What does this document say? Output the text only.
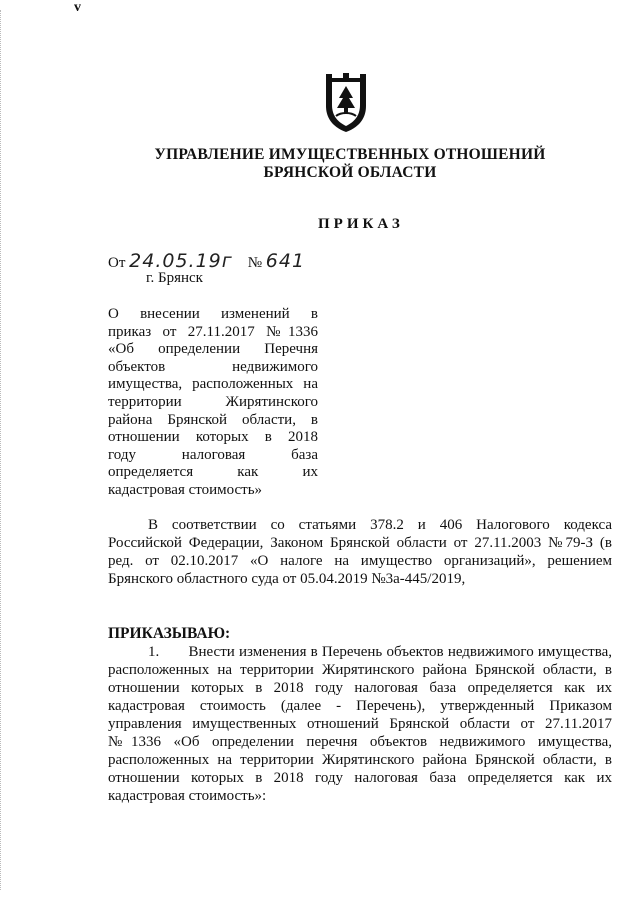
v
УПРАВЛЕНИЕ ИМУЩЕСТВЕННЫХ ОТНОШЕНИЙ
БРЯНСКОЙ ОБЛАСТИ
ПРИКАЗ
От 24.05.19г № 641
г. Брянск
О внесении изменений в
приказ от 27.11.2017 №1336
«Об определении Перечня
объектов недвижимого
имущества, расположенных на
территории Жирятинского
района Брянской области, в
отношении которых в 2018
году налоговая база
определяется как их
кадастровая стоимость»
В соответствии со статьями 378.2 и 406 Налогового кодекса
Российской Федерации, Законом Брянской области от 27.11.2003 №79-З (в
ред. от 02.10.2017 «О налоге на имущество организаций», решением
Брянского областного суда от 05.04.2019 №3а-445/2019,
ПРИКАЗЫВАЮ:
1.       Внести изменения в Перечень объектов недвижимого имущества,
расположенных на территории Жирятинского района Брянской области, в
отношении которых в 2018 году налоговая база определяется как их
кадастровая стоимость (далее - Перечень), утвержденный Приказом
управления имущественных отношений Брянской области от 27.11.2017
№1336 «Об определении перечня объектов недвижимого имущества,
расположенных на территории Жирятинского района Брянской области, в
отношении которых в 2018 году налоговая база определяется как их
кадастровая стоимость»:
